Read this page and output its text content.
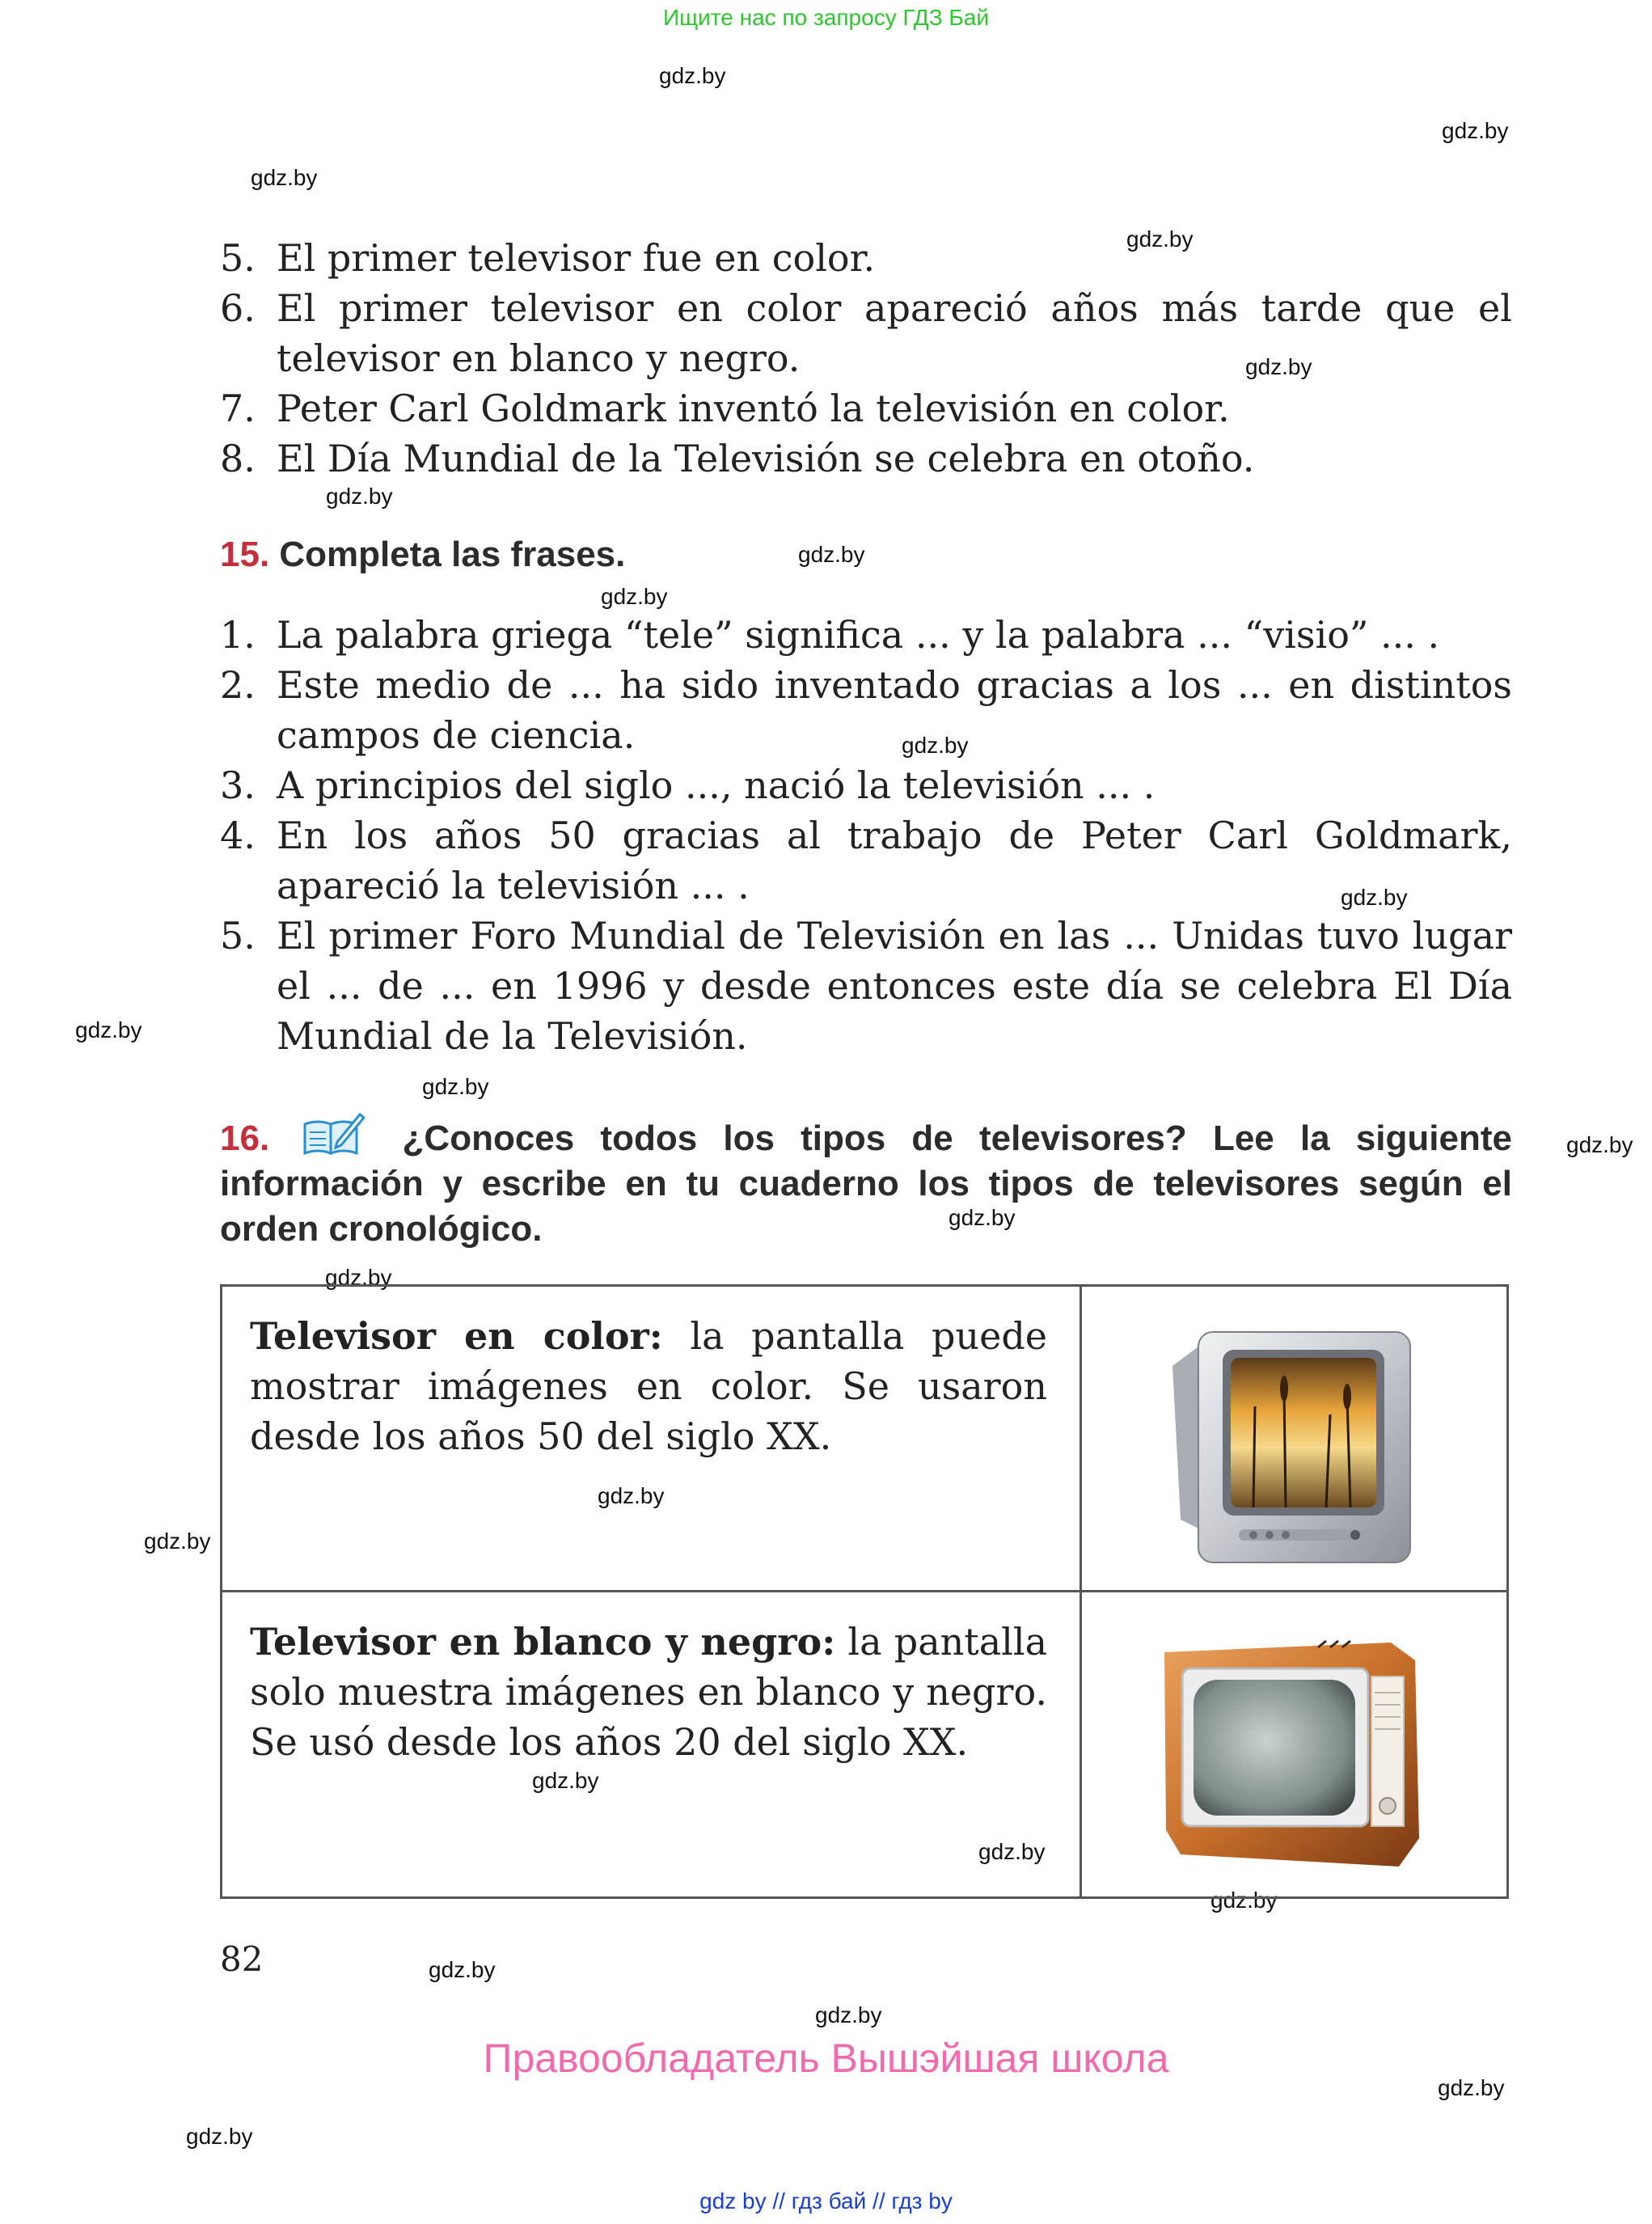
Ищите нас по запросу ГДЗ Бай
gdz.by
gdz.by
gdz.by
gdz.by
gdz.by
gdz.by
gdz.by
gdz.by
gdz.by
gdz.by
gdz.by
gdz.by
gdz.by
gdz.by
gdz.by
gdz.by
gdz.by
gdz.by
gdz.by
gdz.by
gdz.by
gdz.by
gdz.by
gdz.by
5. El primer televisor fue en color.
6. El primer televisor en color apareció años más tarde que el televisor en blanco y negro.
7. Peter Carl Goldmark inventó la televisión en color.
8. El Día Mundial de la Televisión se celebra en otoño.
15. Completa las frases.
1. La palabra griega “tele” significa ... y la palabra ... “visio” ... .
2. Este medio de ... ha sido inventado gracias a los ... en distintos campos de ciencia.
3. A principios del siglo ..., nació la televisión ... .
4. En los años 50 gracias al trabajo de Peter Carl Goldmark, apareció la televisión ... .
5. El primer Foro Mundial de Televisión en las ... Unidas tuvo lugar el ... de ... en 1996 y desde entonces este día se celebra El Día Mundial de la Televisión.
16.	¿Conoces todos los tipos de televisores? Lee la siguiente información y escribe en tu cuaderno los tipos de televisores según el orden cronológico.
Televisor en color: la pantalla puede mostrar imágenes en color. Se usaron desde los años 50 del siglo XX.
Televisor en blanco y negro: la pantalla solo muestra imágenes en blanco y negro. Se usó desde los años 20 del siglo XX.
82
Правообладатель Вышэйшая школа
gdz by // гдз бай // гдз by
